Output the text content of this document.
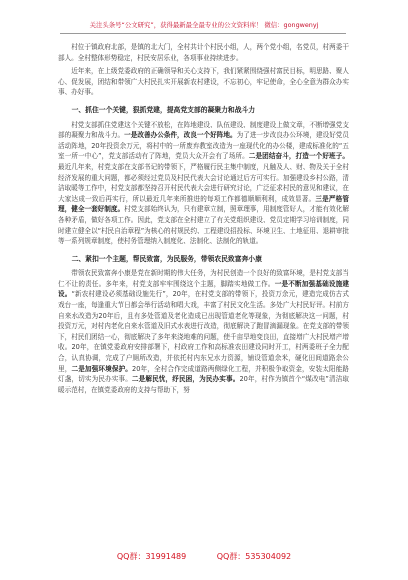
关注头条号“公文研究”，获得最新最全最专业的公文资料库！ 微信：gongwenyj

村位于镇政府北部，是镇的北大门，全村共计个村民小组，人，两个党小组，名党员，村两委干部人。全村整体形势稳定，村民安居乐业，各项事业持续进步。

近年来，在上级党委政府的正确领导和关心支持下，我们紧紧围绕强村富民目标，明思路、聚人心、促发展，团结和带领广大村民扎实开展新农村建设，不忘初心，牢记使命，全心全意为群众办实事、办好事。

一、抓住一个关键，狠抓党建，提高党支部的凝聚力和战斗力

村党支部抓住党建这个关键不放松，在阵地建设、队伍建设、制度建设上做文章，不断增强党支部的凝聚力和战斗力。一是改善办公条件，改良一个好阵地。为了进一步改良办公环境，建设好党员活动阵地，20年投资余万元，将村中的一所废弃教室改造为一座现代化的办公楼，建成标准化的“五室一所一中心”，党支部活动有了阵地，党员大众开会有了场所。二是团结奋斗，打造一个好班子。最近几年来，村党支部在支部书记的带领下，严格履行民主集中制度，凡触及人、财、物及关于全村经济发展的重大问题，都必须经过党员及村民代表大会讨论通过后方可实行。加强建设乡村公路，清洁取暖等工作中，村党支部都坚持召开村民代表大会进行研究讨论，广泛征求村民的意见和建议，在大家达成一致后再实行，所以最近几年来所推进的每项工作都德顺顺利利，成效显著。三是严格管理，健全一套好制度。村党支部始终认为，只有建章立制，照章理事，用制度管好人，才能有效化解各种矛盾，做好各项工作。因此，党支部在全村建立了有关党组织建设、党员定期学习培训制度，同时建立健全以“村民自治章程”为核心的村规民约、工程建设招投标、环境卫生、土地征用、退耕审批等一系列规章制度，使村务管理纳入制度化、法制化、法制化的轨道。

二、紧扣一个主题，帮民致富，为民服务，带领农民致富奔小康

带领农民致富奔小康是党在新时期的伟大任务，为村民创造一个良好的致富环境，是村党支部当仁不让的责任。多年来，村党支部牢牢围绕这个主题，脚踏实地做工作。一是不断加强基础设施建设。“新农村建设必须基础设施先行”，20年，在村党支部的带领下，投资万余元，建造完成仿古式戏台一座，每逢重大节日都会举行活动和唱大戏，丰富了村民文化生活。多处广大村民好评。村前方自来水改造为20年后，且有多处管道及老化造成已出现管道老化等现象，为彻底解决这一问题，村投资万元，对村内老化自来水管道及旧式水表进行改造，彻底解决了跑冒滴漏现象。在党支部的带领下，村民们团结一心，彻底解决了多年来浇地难的问题，使千亩旱地变良田，直接增广大村民增产增收。20年，在镇党委政府安排部署下，村政府工作和高标准农田建设同时开工，村两委班子全力配合，认真协调，完成了户厕所改造，并依托村内东兄水力资源，铺设管道余米，硬化田间道路余公里，二是加强环境保护。20年，全村合作完成道路两侧绿化工程，并积极争取资金，安装太阳能路灯盏，切实为民办实事。二是解民忧，纾民困，为民办实事。20年，村作为镇首个“煤改电”清洁取暖示范村，在镇党委政府的支持与帮助下，努

QQ群：31991489	QQ群：535304092
